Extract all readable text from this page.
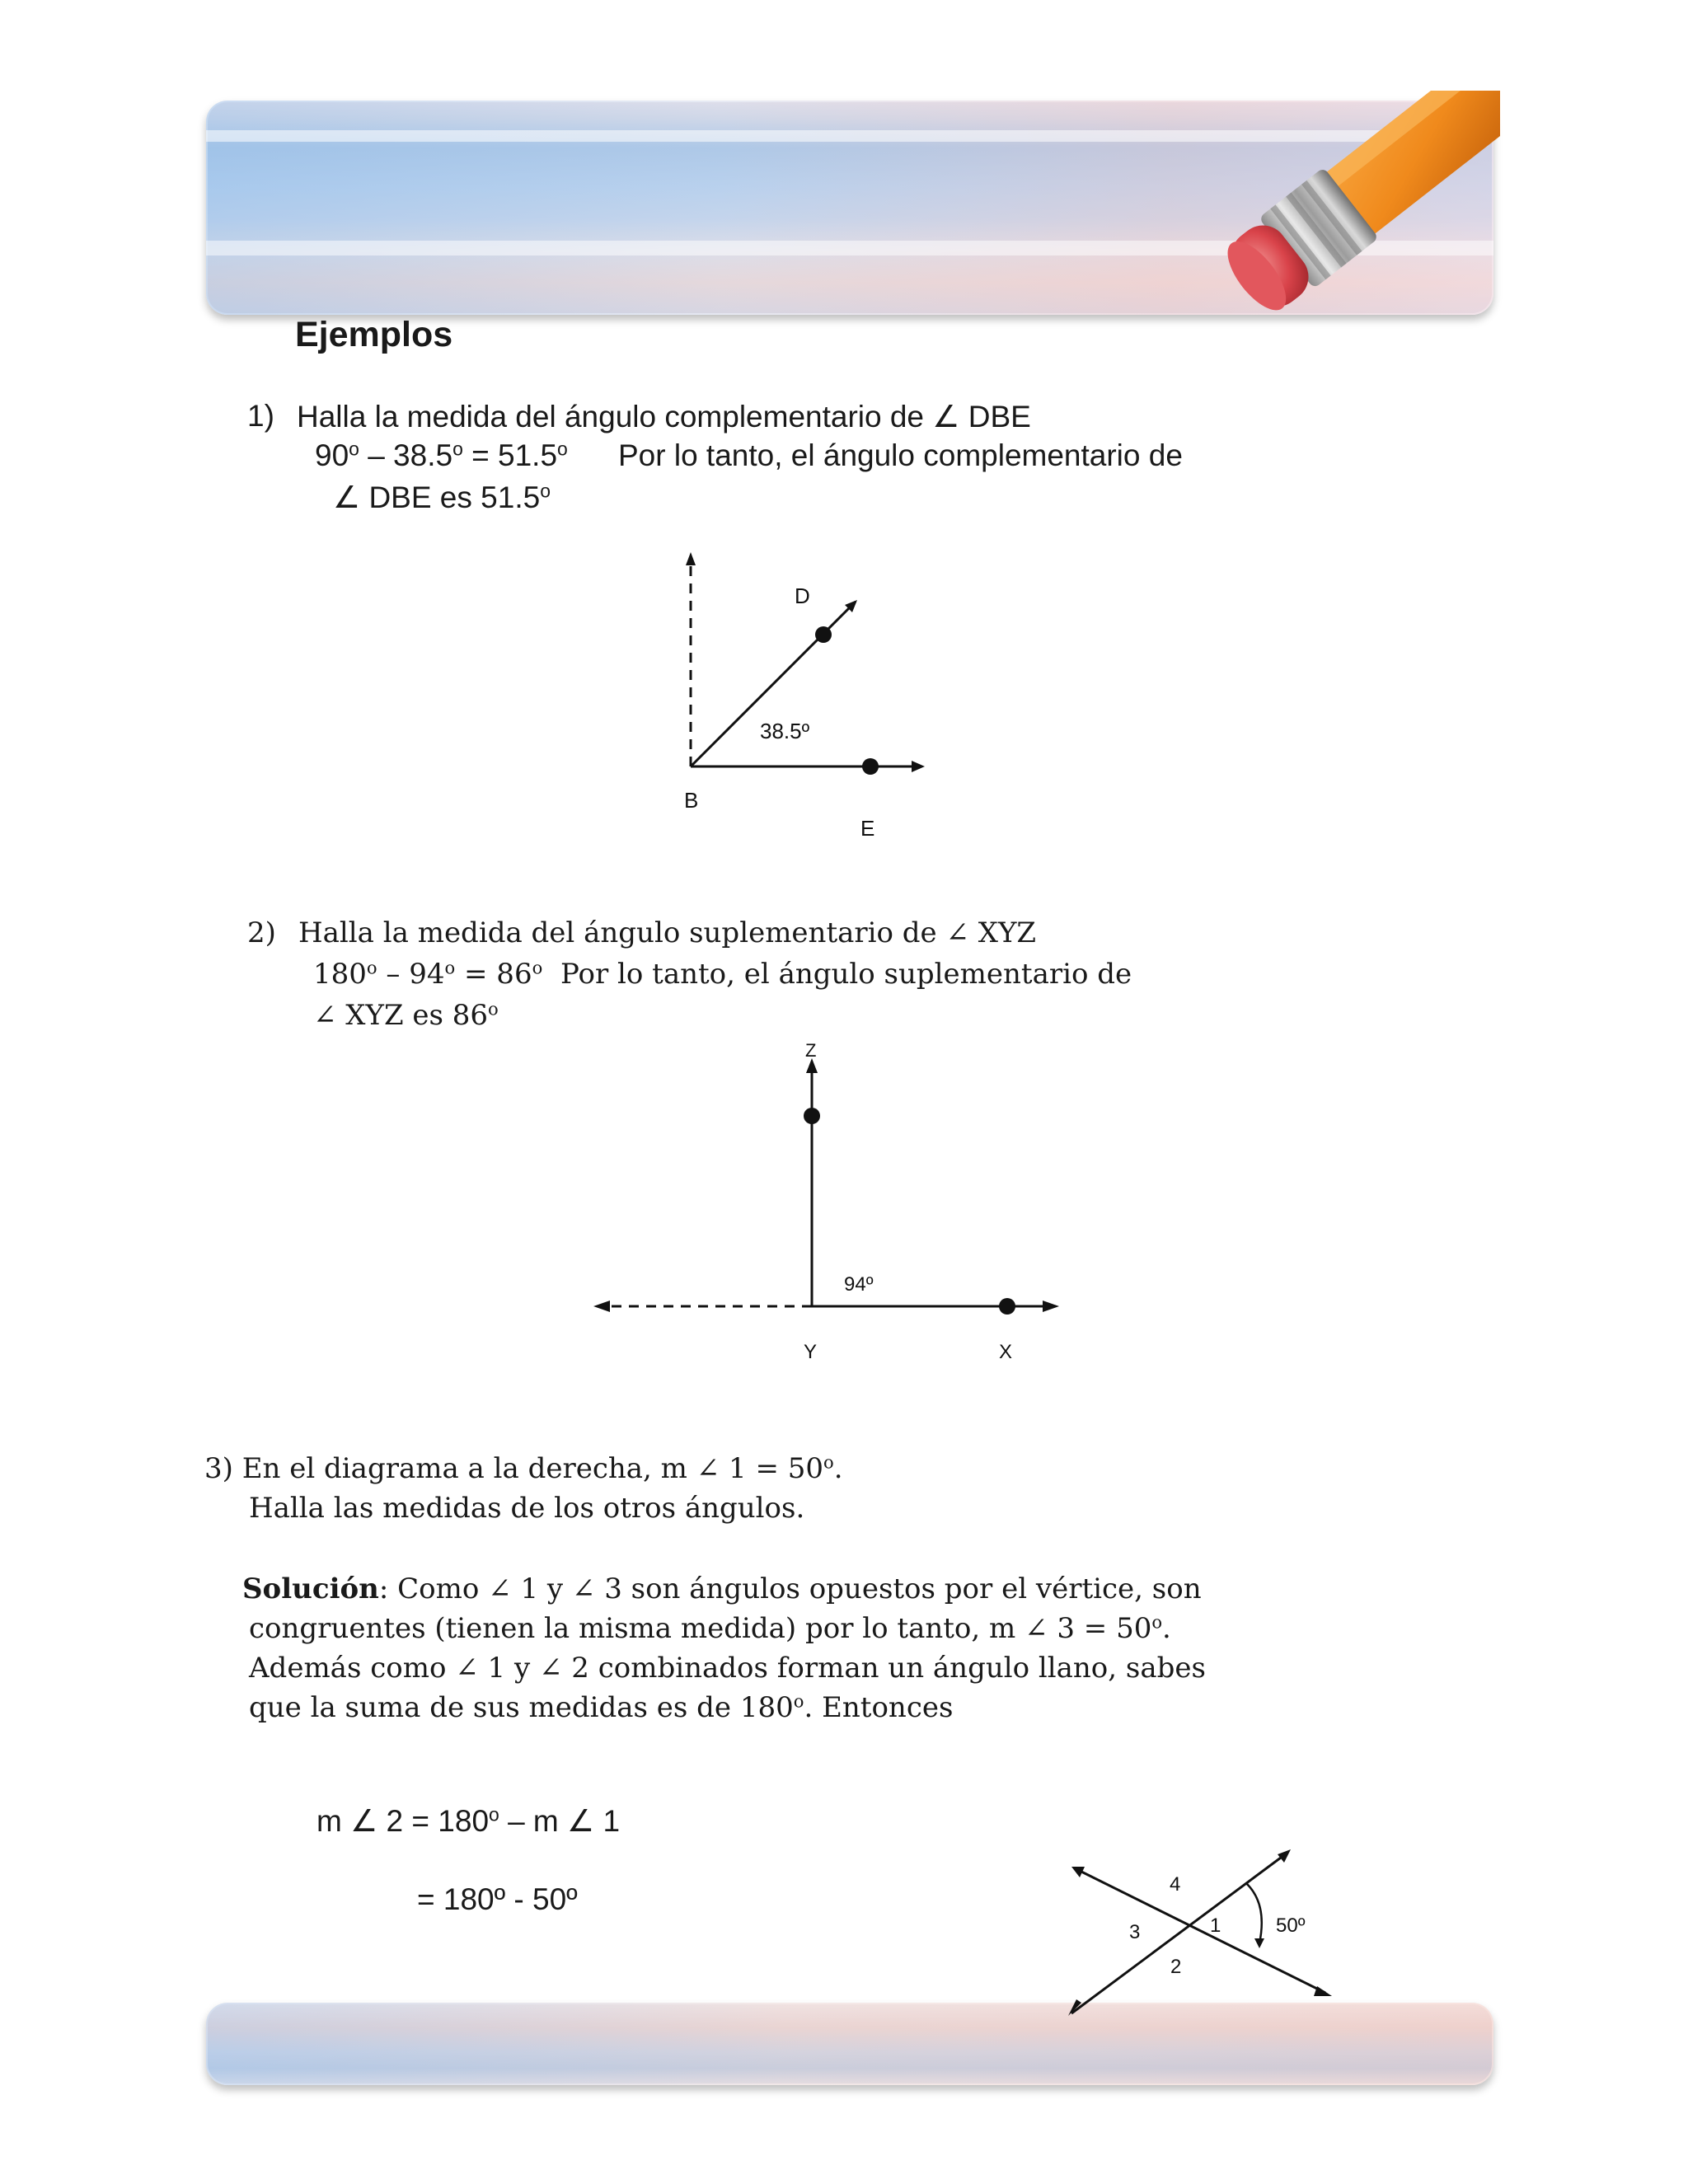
Ejemplos
1) Halla la medida del ángulo complementario de ∠ DBE
$90^o - 38.5^o = 51.5^o$ Por lo tanto, el ángulo complementario de
∠ DBE es 51.5$^o$
D
38.5º
B
E
2) Halla la medida del ángulo suplementario de ∠ XYZ
$180^o - 94^o = 86^o$ Por lo tanto, el ángulo suplementario de
∠ XYZ es 86$^o$
Z
94º
Y	X
3) En el diagrama a la derecha, m ∠ $1 = 50^o$.
Halla las medidas de los otros ángulos.
Solución: Como ∠ 1 y ∠ 3 son ángulos opuestos por el vértice, son
congruentes (tienen la misma medida) por lo tanto, m ∠ $3 = 50^o$.
Además como ∠ 1 y ∠ 2 combinados forman un ángulo llano, sabes
que la suma de sus medidas es de 180$^o$. Entonces
m ∠ $2 = 180^o - m$ ∠ 1
= 180º - 50º	4
1
3
2
50º
